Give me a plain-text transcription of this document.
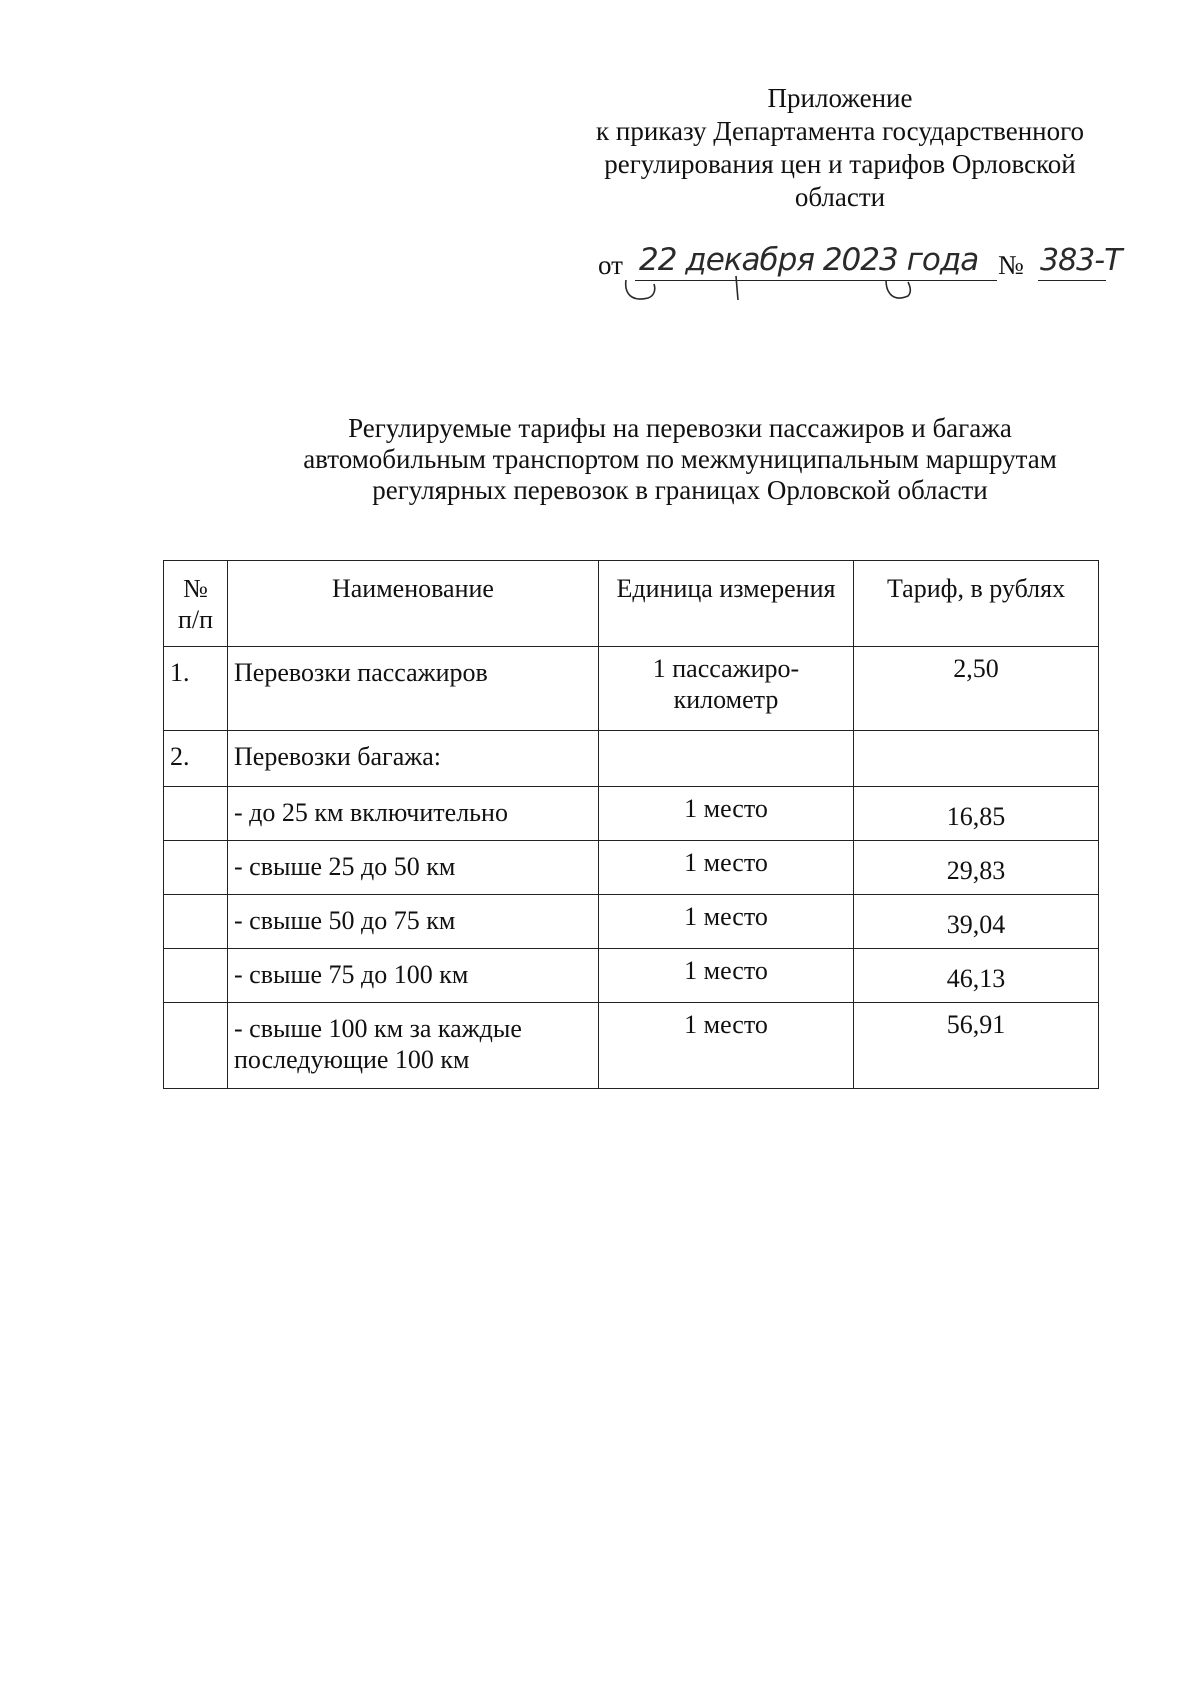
Приложение
к приказу Департамента государственного
регулирования цен и тарифов Орловской
области
от 22 декабря 2023 года № 383-Т
Регулируемые тарифы на перевозки пассажиров и багажа
автомобильным транспортом по межмуниципальным маршрутам
регулярных перевозок в границах Орловской области
№ п/п	Наименование	Единица измерения	Тариф, в рублях
1.	Перевозки пассажиров	1 пассажиро-километр	2,50
2.	Перевозки багажа:		
	- до 25 км включительно	1 место	16,85
	- свыше 25 до 50 км	1 место	29,83
	- свыше 50 до 75 км	1 место	39,04
	- свыше 75 до 100 км	1 место	46,13
	- свыше 100 км за каждые последующие 100 км	1 место	56,91
